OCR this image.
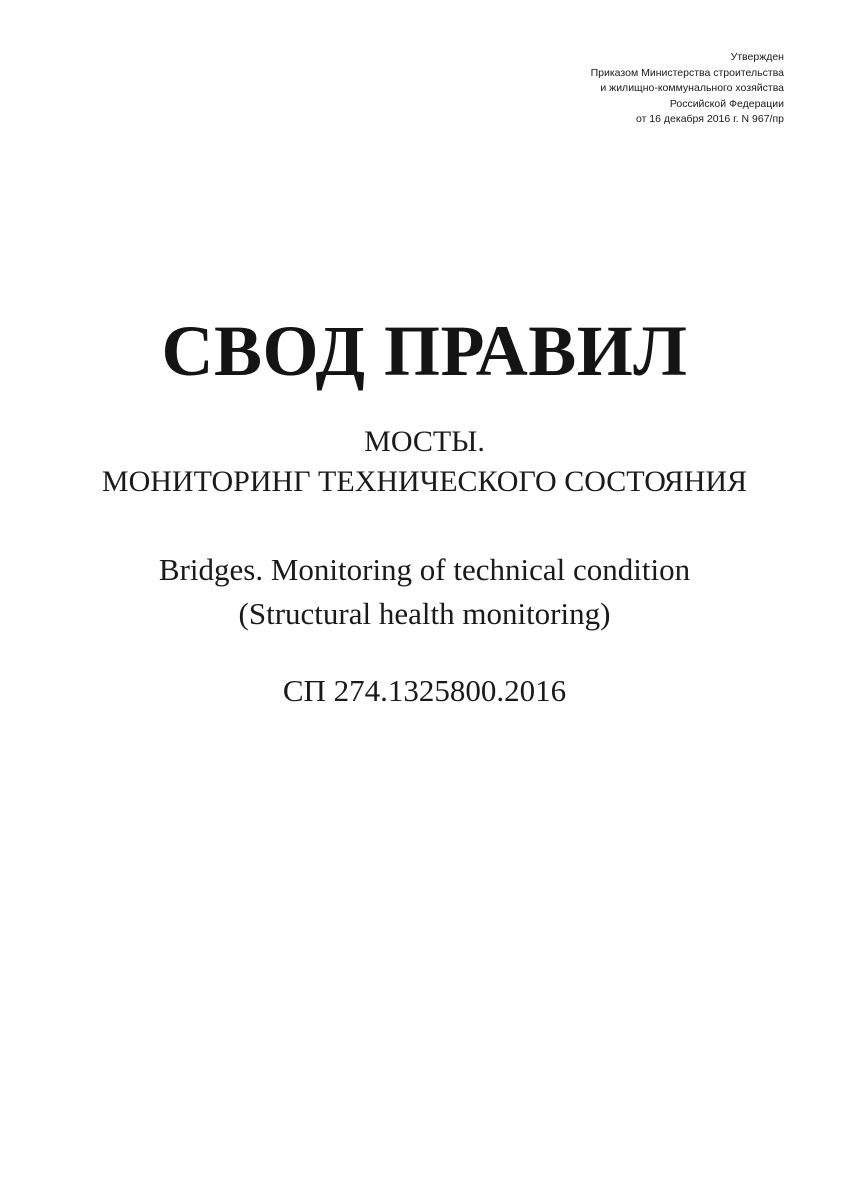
Утвержден
Приказом Министерства строительства
и жилищно-коммунального хозяйства
Российской Федерации
от 16 декабря 2016 г. N 967/пр
СВОД ПРАВИЛ
МОСТЫ.
МОНИТОРИНГ ТЕХНИЧЕСКОГО СОСТОЯНИЯ
Bridges. Monitoring of technical condition
(Structural health monitoring)
СП 274.1325800.2016
